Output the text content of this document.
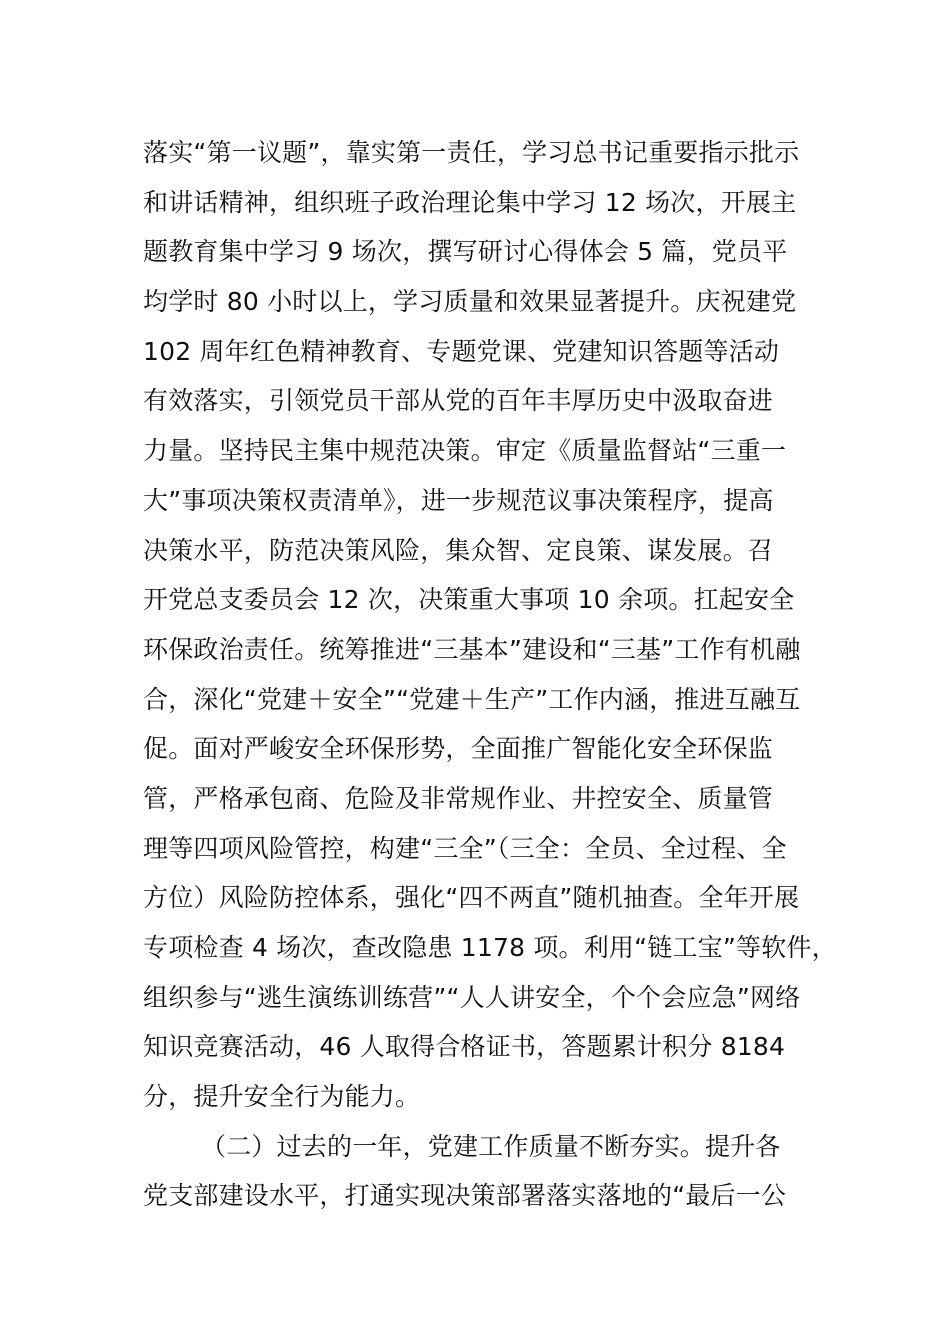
落实“第一议题”，靠实第一责任，学习总书记重要指示批示
和讲话精神，组织班子政治理论集中学习 12 场次，开展主
题教育集中学习 9 场次，撰写研讨心得体会 5 篇，党员平
均学时 80 小时以上，学习质量和效果显著提升。庆祝建党
102 周年红色精神教育、专题党课、党建知识答题等活动
有效落实，引领党员干部从党的百年丰厚历史中汲取奋进
力量。坚持民主集中规范决策。审定《质量监督站“三重一
大”事项决策权责清单》，进一步规范议事决策程序，提高
决策水平，防范决策风险，集众智、定良策、谋发展。召
开党总支委员会 12 次，决策重大事项 10 余项。扛起安全
环保政治责任。统筹推进“三基本”建设和“三基”工作有机融
合，深化“党建＋安全”“党建＋生产”工作内涵，推进互融互
促。面对严峻安全环保形势，全面推广智能化安全环保监
管，严格承包商、危险及非常规作业、井控安全、质量管
理等四项风险管控，构建“三全”（三全：全员、全过程、全
方位）风险防控体系，强化“四不两直”随机抽查。全年开展
专项检查 4 场次，查改隐患 1178 项。利用“链工宝”等软件，
组织参与“逃生演练训练营”“人人讲安全，个个会应急”网络
知识竞赛活动，46 人取得合格证书，答题累计积分 8184
分，提升安全行为能力。
（二）过去的一年，党建工作质量不断夯实。提升各
党支部建设水平，打通实现决策部署落实落地的“最后一公
